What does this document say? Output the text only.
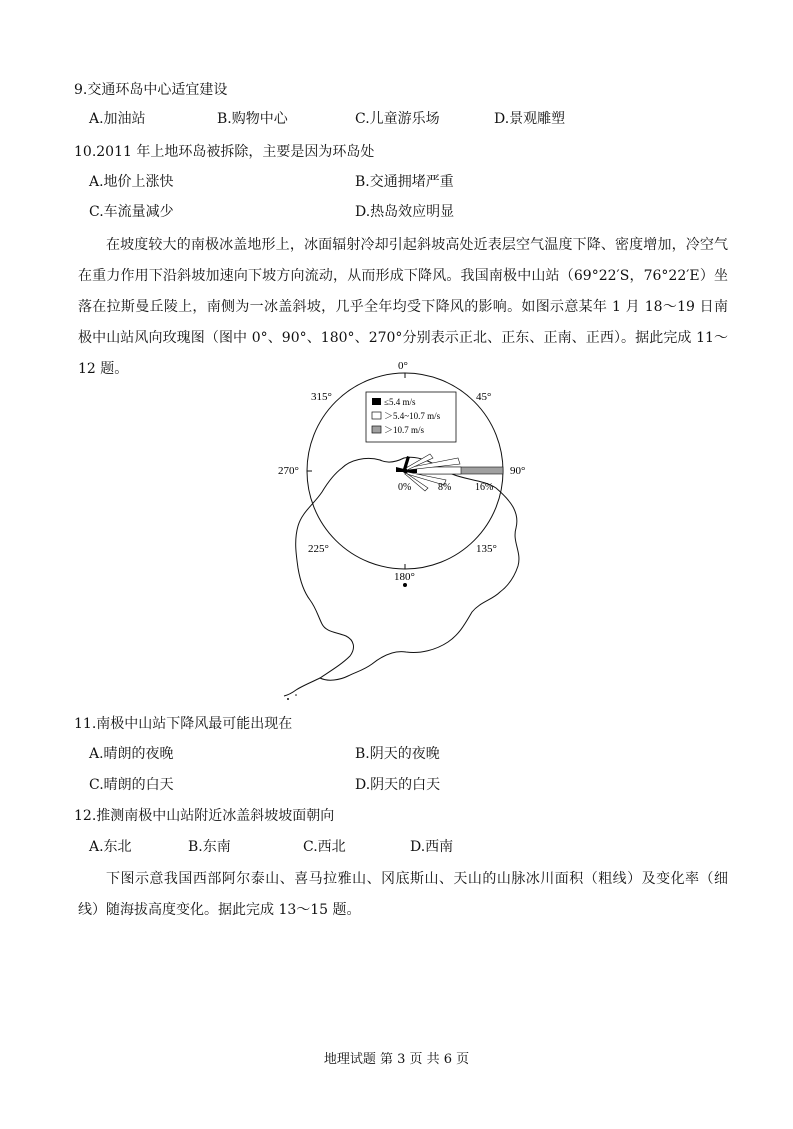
9.交通环岛中心适宜建设
A.加油站	B.购物中心	C.儿童游乐场	D.景观雕塑
10.2011 年上地环岛被拆除，主要是因为环岛处
A.地价上涨快	B.交通拥堵严重
C.车流量减少	D.热岛效应明显
在坡度较大的南极冰盖地形上，冰面辐射冷却引起斜坡高处近表层空气温度下降、密度增加，冷空气在重力作用下沿斜坡加速向下坡方向流动，从而形成下降风。我国南极中山站（69°22′S，76°22′E）坐落在拉斯曼丘陵上，南侧为一冰盖斜坡，几乎全年均受下降风的影响。如图示意某年 1 月 18～19 日南极中山站风向玫瑰图（图中 0°、90°、180°、270°分别表示正北、正东、正南、正西）。据此完成 11～12 题。	0°
45°
90°
135°
180°
225°
270°
315°	≤5.4 m/s
＞5.4~10.7 m/s
＞10.7 m/s
0%	8% 16%
11.南极中山站下降风最可能出现在
A.晴朗的夜晚	B.阴天的夜晚
C.晴朗的白天	D.阴天的白天
12.推测南极中山站附近冰盖斜坡坡面朝向
A.东北	B.东南	C.西北	D.西南
下图示意我国西部阿尔泰山、喜马拉雅山、冈底斯山、天山的山脉冰川面积（粗线）及变化率（细线）随海拔高度变化。据此完成 13～15 题。
地理试题 第 3 页 共 6 页
